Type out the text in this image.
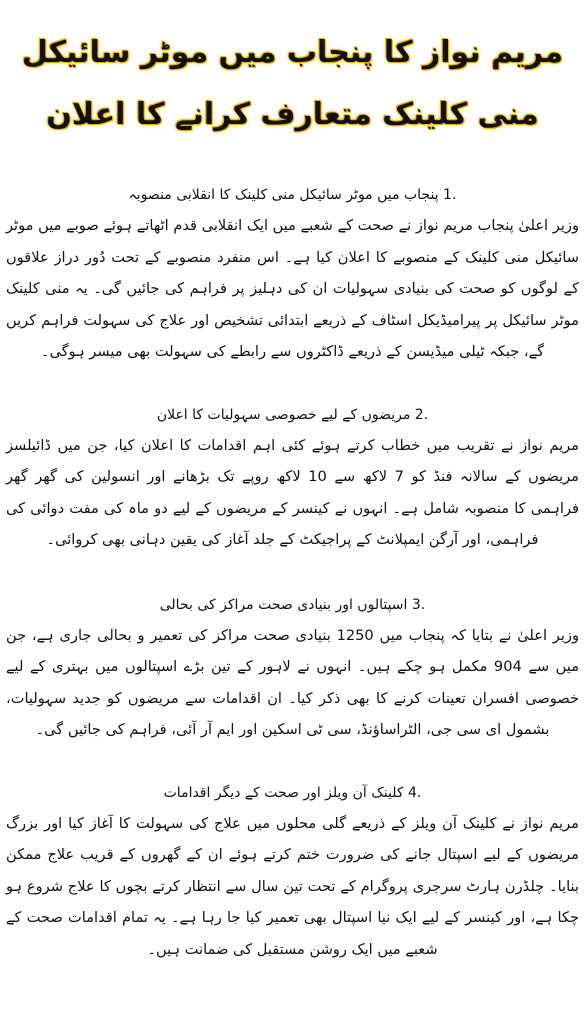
مریم نواز کا پنجاب میں موٹر سائیکل منی کلینک متعارف کرانے کا اعلان
.1 پنجاب میں موٹر سائیکل منی کلینک کا انقلابی منصوبہ

وزیر اعلیٰ پنجاب مریم نواز نے صحت کے شعبے میں ایک انقلابی قدم اٹھاتے ہوئے صوبے میں موٹر سائیکل منی کلینک کے منصوبے کا اعلان کیا ہے۔ اس منفرد منصوبے کے تحت دُور دراز علاقوں کے لوگوں کو صحت کی بنیادی سہولیات ان کی دہلیز پر فراہم کی جائیں گی۔ یہ منی کلینک موٹر سائیکل پر پیرامیڈیکل اسٹاف کے ذریعے ابتدائی تشخیص اور علاج کی سہولت فراہم کریں گے، جبکہ ٹیلی میڈیسن کے ذریعے ڈاکٹروں سے رابطے کی سہولت بھی میسر ہوگی۔

.2 مریضوں کے لیے خصوصی سہولیات کا اعلان

مریم نواز نے تقریب میں خطاب کرتے ہوئے کئی اہم اقدامات کا اعلان کیا، جن میں ڈائیلسز مریضوں کے سالانہ فنڈ کو 7 لاکھ سے 10 لاکھ روپے تک بڑھانے اور انسولین کی گھر گھر فراہمی کا منصوبہ شامل ہے۔ انہوں نے کینسر کے مریضوں کے لیے دو ماہ کی مفت دوائی کی فراہمی، اور آرگن ایمپلانٹ کے پراجیکٹ کے جلد آغاز کی یقین دہانی بھی کروائی۔

.3 اسپتالوں اور بنیادی صحت مراکز کی بحالی

وزیر اعلیٰ نے بتایا کہ پنجاب میں 1250 بنیادی صحت مراکز کی تعمیر و بحالی جاری ہے، جن میں سے 904 مکمل ہو چکے ہیں۔ انہوں نے لاہور کے تین بڑے اسپتالوں میں بہتری کے لیے خصوصی افسران تعینات کرنے کا بھی ذکر کیا۔ ان اقدامات سے مریضوں کو جدید سہولیات، بشمول ای سی جی، الٹراساؤنڈ، سی ٹی اسکین اور ایم آر آئی، فراہم کی جائیں گی۔

.4 کلینک آن ویلز اور صحت کے دیگر اقدامات

مریم نواز نے کلینک آن ویلز کے ذریعے گلی محلوں میں علاج کی سہولت کا آغاز کیا اور بزرگ مریضوں کے لیے اسپتال جانے کی ضرورت ختم کرتے ہوئے ان کے گھروں کے قریب علاج ممکن بنایا۔ چلڈرن ہارٹ سرجری پروگرام کے تحت تین سال سے انتظار کرتے بچوں کا علاج شروع ہو چکا ہے، اور کینسر کے لیے ایک نیا اسپتال بھی تعمیر کیا جا رہا ہے۔ یہ تمام اقدامات صحت کے شعبے میں ایک روشن مستقبل کی ضمانت ہیں۔
